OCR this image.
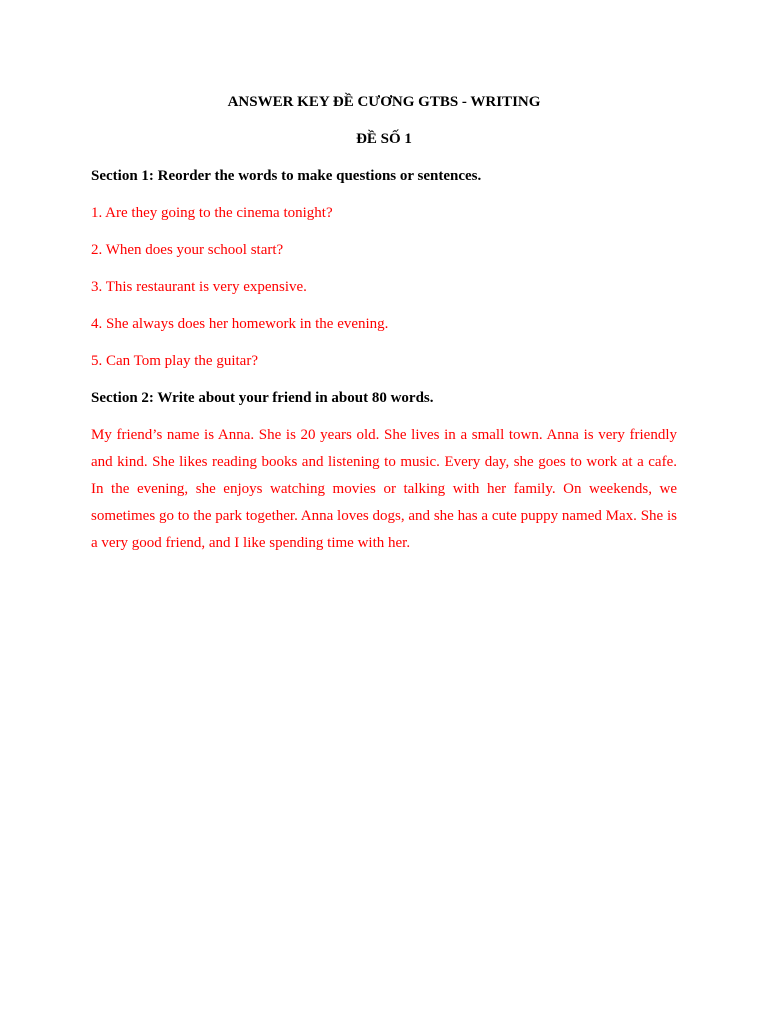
ANSWER KEY ĐỀ CƯƠNG GTBS - WRITING
ĐỀ SỐ 1
Section 1: Reorder the words to make questions or sentences.
1. Are they going to the cinema tonight?
2. When does your school start?
3. This restaurant is very expensive.
4. She always does her homework in the evening.
5. Can Tom play the guitar?
Section 2: Write about your friend in about 80 words.
My friend’s name is Anna. She is 20 years old. She lives in a small town. Anna is very friendly and kind. She likes reading books and listening to music. Every day, she goes to work at a cafe. In the evening, she enjoys watching movies or talking with her family. On weekends, we sometimes go to the park together. Anna loves dogs, and she has a cute puppy named Max. She is a very good friend, and I like spending time with her.
